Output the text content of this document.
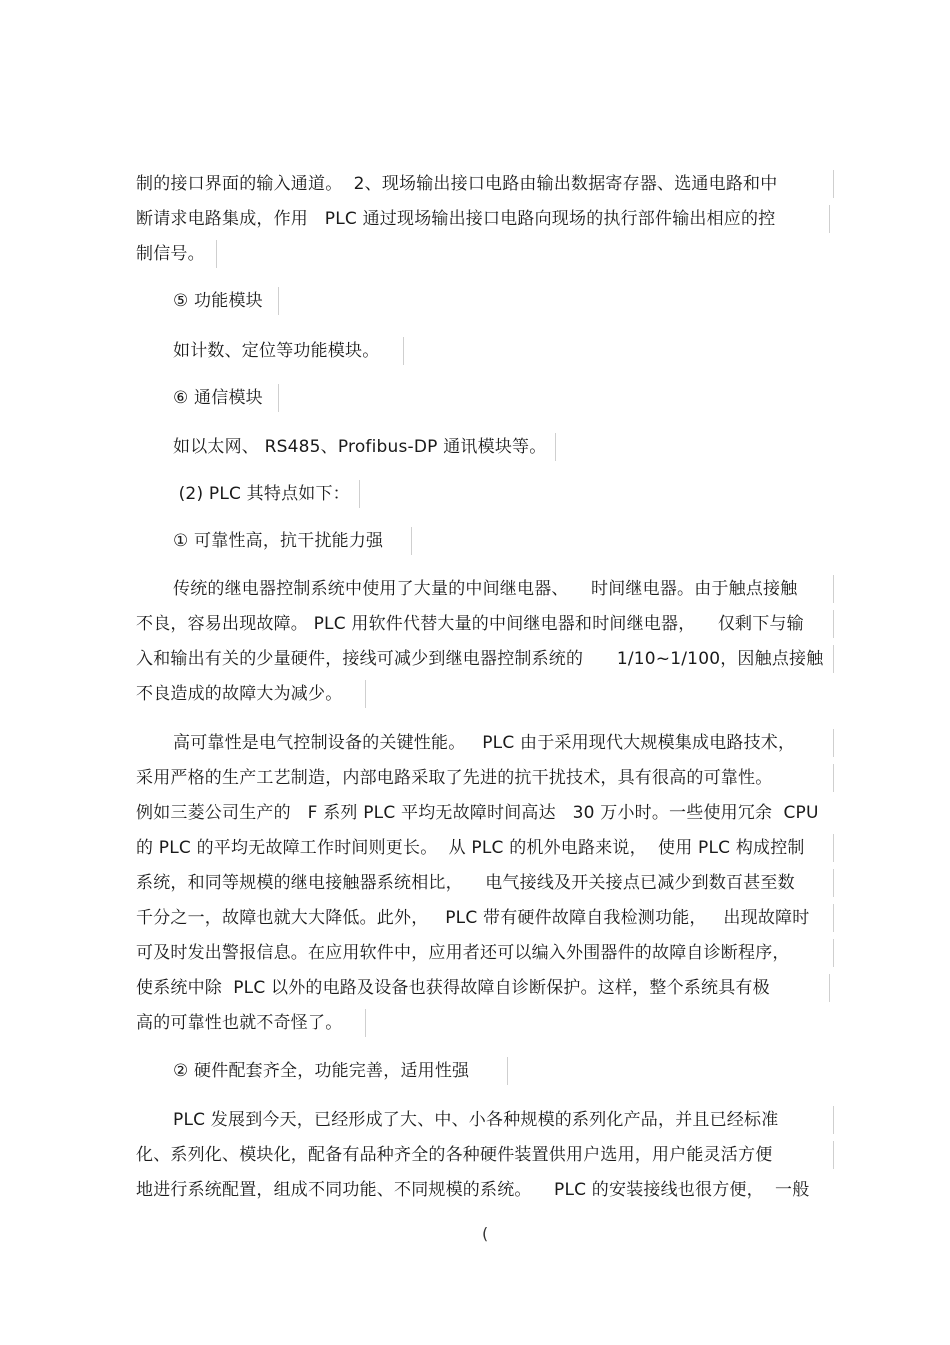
制的接口界面的输入通道。  2、现场输出接口电路由输出数据寄存器、选通电路和中
断请求电路集成，作用   PLC 通过现场输出接口电路向现场的执行部件输出相应的控
制信号。
⑤ 功能模块
如计数、定位等功能模块。
⑥ 通信模块
如以太网、 RS485、Profibus-DP 通讯模块等。
(2) PLC 其特点如下：
① 可靠性高，抗干扰能力强
传统的继电器控制系统中使用了大量的中间继电器、    时间继电器。由于触点接触
不良，容易出现故障。 PLC 用软件代替大量的中间继电器和时间继电器，    仅剩下与输
入和输出有关的少量硬件，接线可减少到继电器控制系统的      1/10~1/100，因触点接触
不良造成的故障大为减少。
高可靠性是电气控制设备的关键性能。   PLC 由于采用现代大规模集成电路技术，
采用严格的生产工艺制造，内部电路采取了先进的抗干扰技术，具有很高的可靠性。
例如三菱公司生产的   F 系列 PLC 平均无故障时间高达   30 万小时。一些使用冗余  CPU
的 PLC 的平均无故障工作时间则更长。  从 PLC 的机外电路来说，  使用 PLC 构成控制
系统，和同等规模的继电接触器系统相比，    电气接线及开关接点已减少到数百甚至数
千分之一，故障也就大大降低。此外，   PLC 带有硬件故障自我检测功能，   出现故障时
可及时发出警报信息。在应用软件中，应用者还可以编入外围器件的故障自诊断程序，
使系统中除  PLC 以外的电路及设备也获得故障自诊断保护。这样，整个系统具有极
高的可靠性也就不奇怪了。
② 硬件配套齐全，功能完善，适用性强
PLC 发展到今天，已经形成了大、中、小各种规模的系列化产品，并且已经标准
化、系列化、模块化，配备有品种齐全的各种硬件装置供用户选用，用户能灵活方便
地进行系统配置，组成不同功能、不同规模的系统。    PLC 的安装接线也很方便，  一般
(
